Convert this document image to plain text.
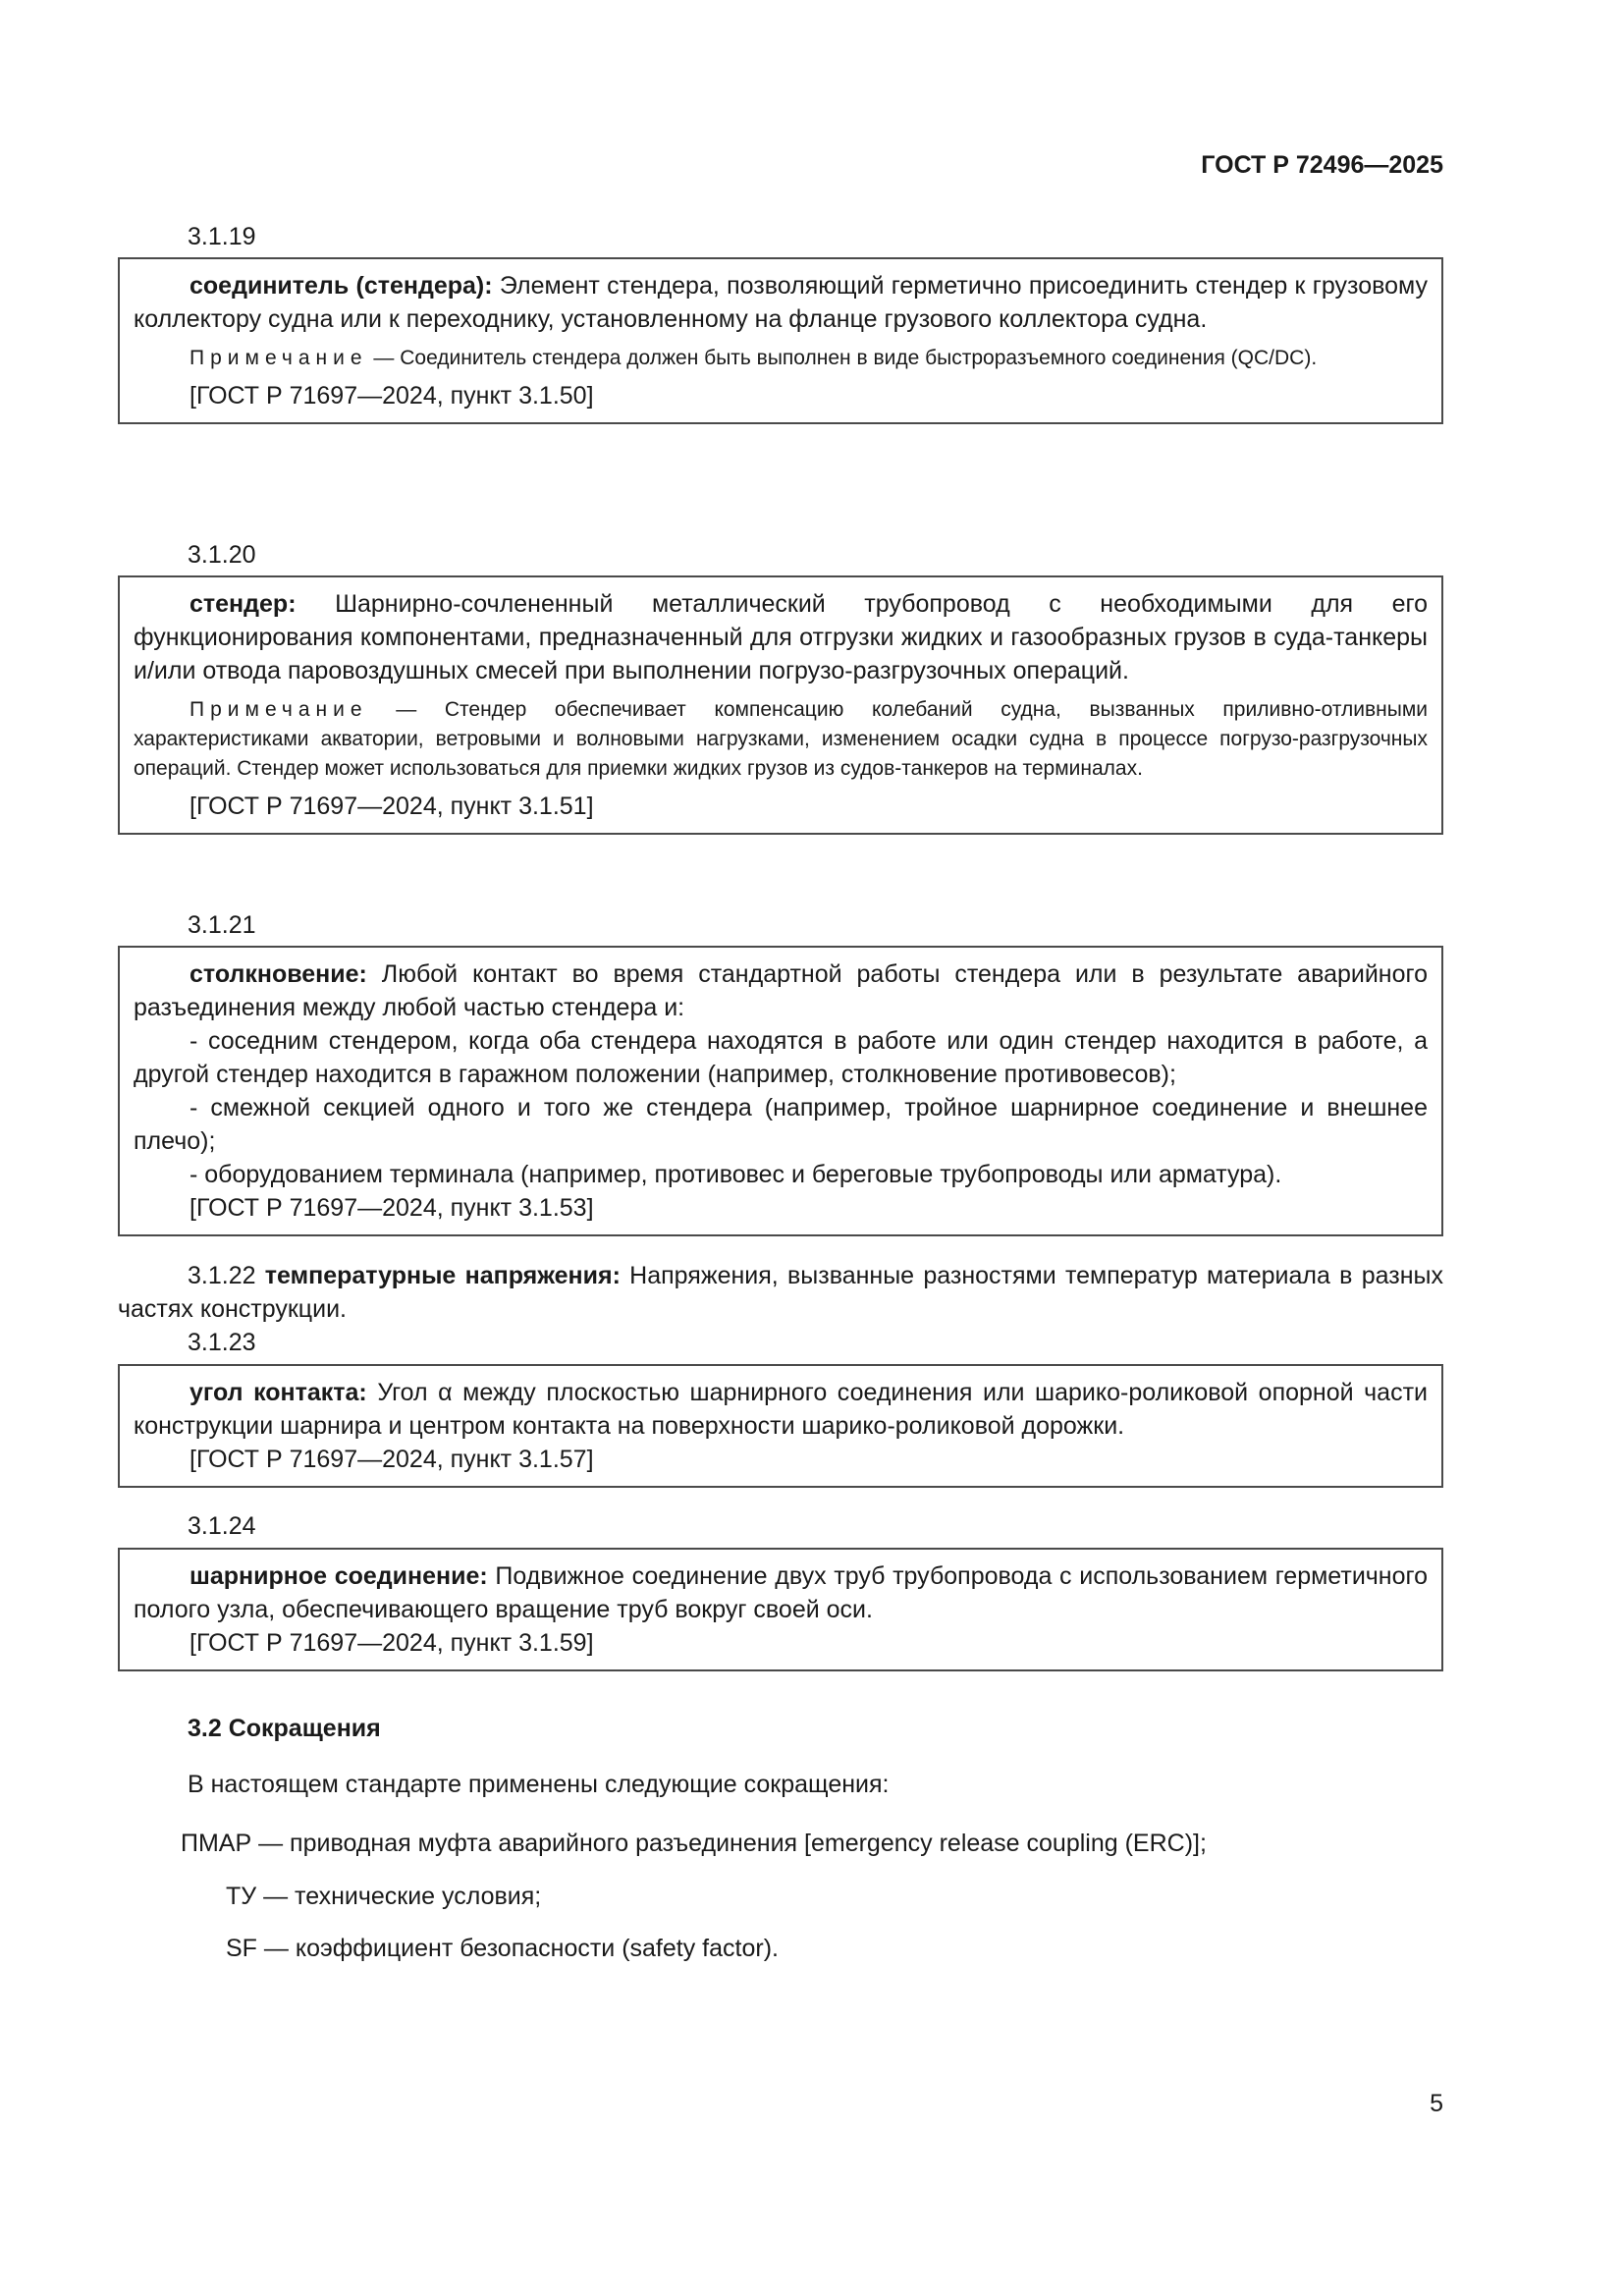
ГОСТ Р 72496—2025
3.1.19

соединитель (стендера): Элемент стендера, позволяющий герметично присоединить стендер к грузовому коллектору судна или к переходнику, установленному на фланце грузового коллектора судна.

Примечание — Соединитель стендера должен быть выполнен в виде быстроразъемного соединения (QC/DC).

[ГОСТ Р 71697—2024, пункт 3.1.50]

3.1.20

стендер: Шарнирно-сочлененный металлический трубопровод с необходимыми для его функционирования компонентами, предназначенный для отгрузки жидких и газообразных грузов в суда-танкеры и/или отвода паровоздушных смесей при выполнении погрузо-разгрузочных операций.

Примечание — Стендер обеспечивает компенсацию колебаний судна, вызванных приливно-отливными характеристиками акватории, ветровыми и волновыми нагрузками, изменением осадки судна в процессе погрузо-разгрузочных операций. Стендер может использоваться для приемки жидких грузов из судов-танкеров на терминалах.

[ГОСТ Р 71697—2024, пункт 3.1.51]

3.1.21

столкновение: Любой контакт во время стандартной работы стендера или в результате аварийного разъединения между любой частью стендера и:

- соседним стендером, когда оба стендера находятся в работе или один стендер находится в работе, а другой стендер находится в гаражном положении (например, столкновение противовесов);

- смежной секцией одного и того же стендера (например, тройное шарнирное соединение и внешнее плечо);

- оборудованием терминала (например, противовес и береговые трубопроводы или арматура).

[ГОСТ Р 71697—2024, пункт 3.1.53]

3.1.22 температурные напряжения: Напряжения, вызванные разностями температур материала в разных частях конструкции.

3.1.23

угол контакта: Угол α между плоскостью шарнирного соединения или шарико-роликовой опорной части конструкции шарнира и центром контакта на поверхности шарико-роликовой дорожки.

[ГОСТ Р 71697—2024, пункт 3.1.57]

3.1.24

шарнирное соединение: Подвижное соединение двух труб трубопровода с использованием герметичного полого узла, обеспечивающего вращение труб вокруг своей оси.

[ГОСТ Р 71697—2024, пункт 3.1.59]

3.2 Сокращения
В настоящем стандарте применены следующие сокращения:
ПМАР — приводная муфта аварийного разъединения [emergency release coupling (ERC)];
ТУ — технические условия;
SF — коэффициент безопасности (safety factor).
5
